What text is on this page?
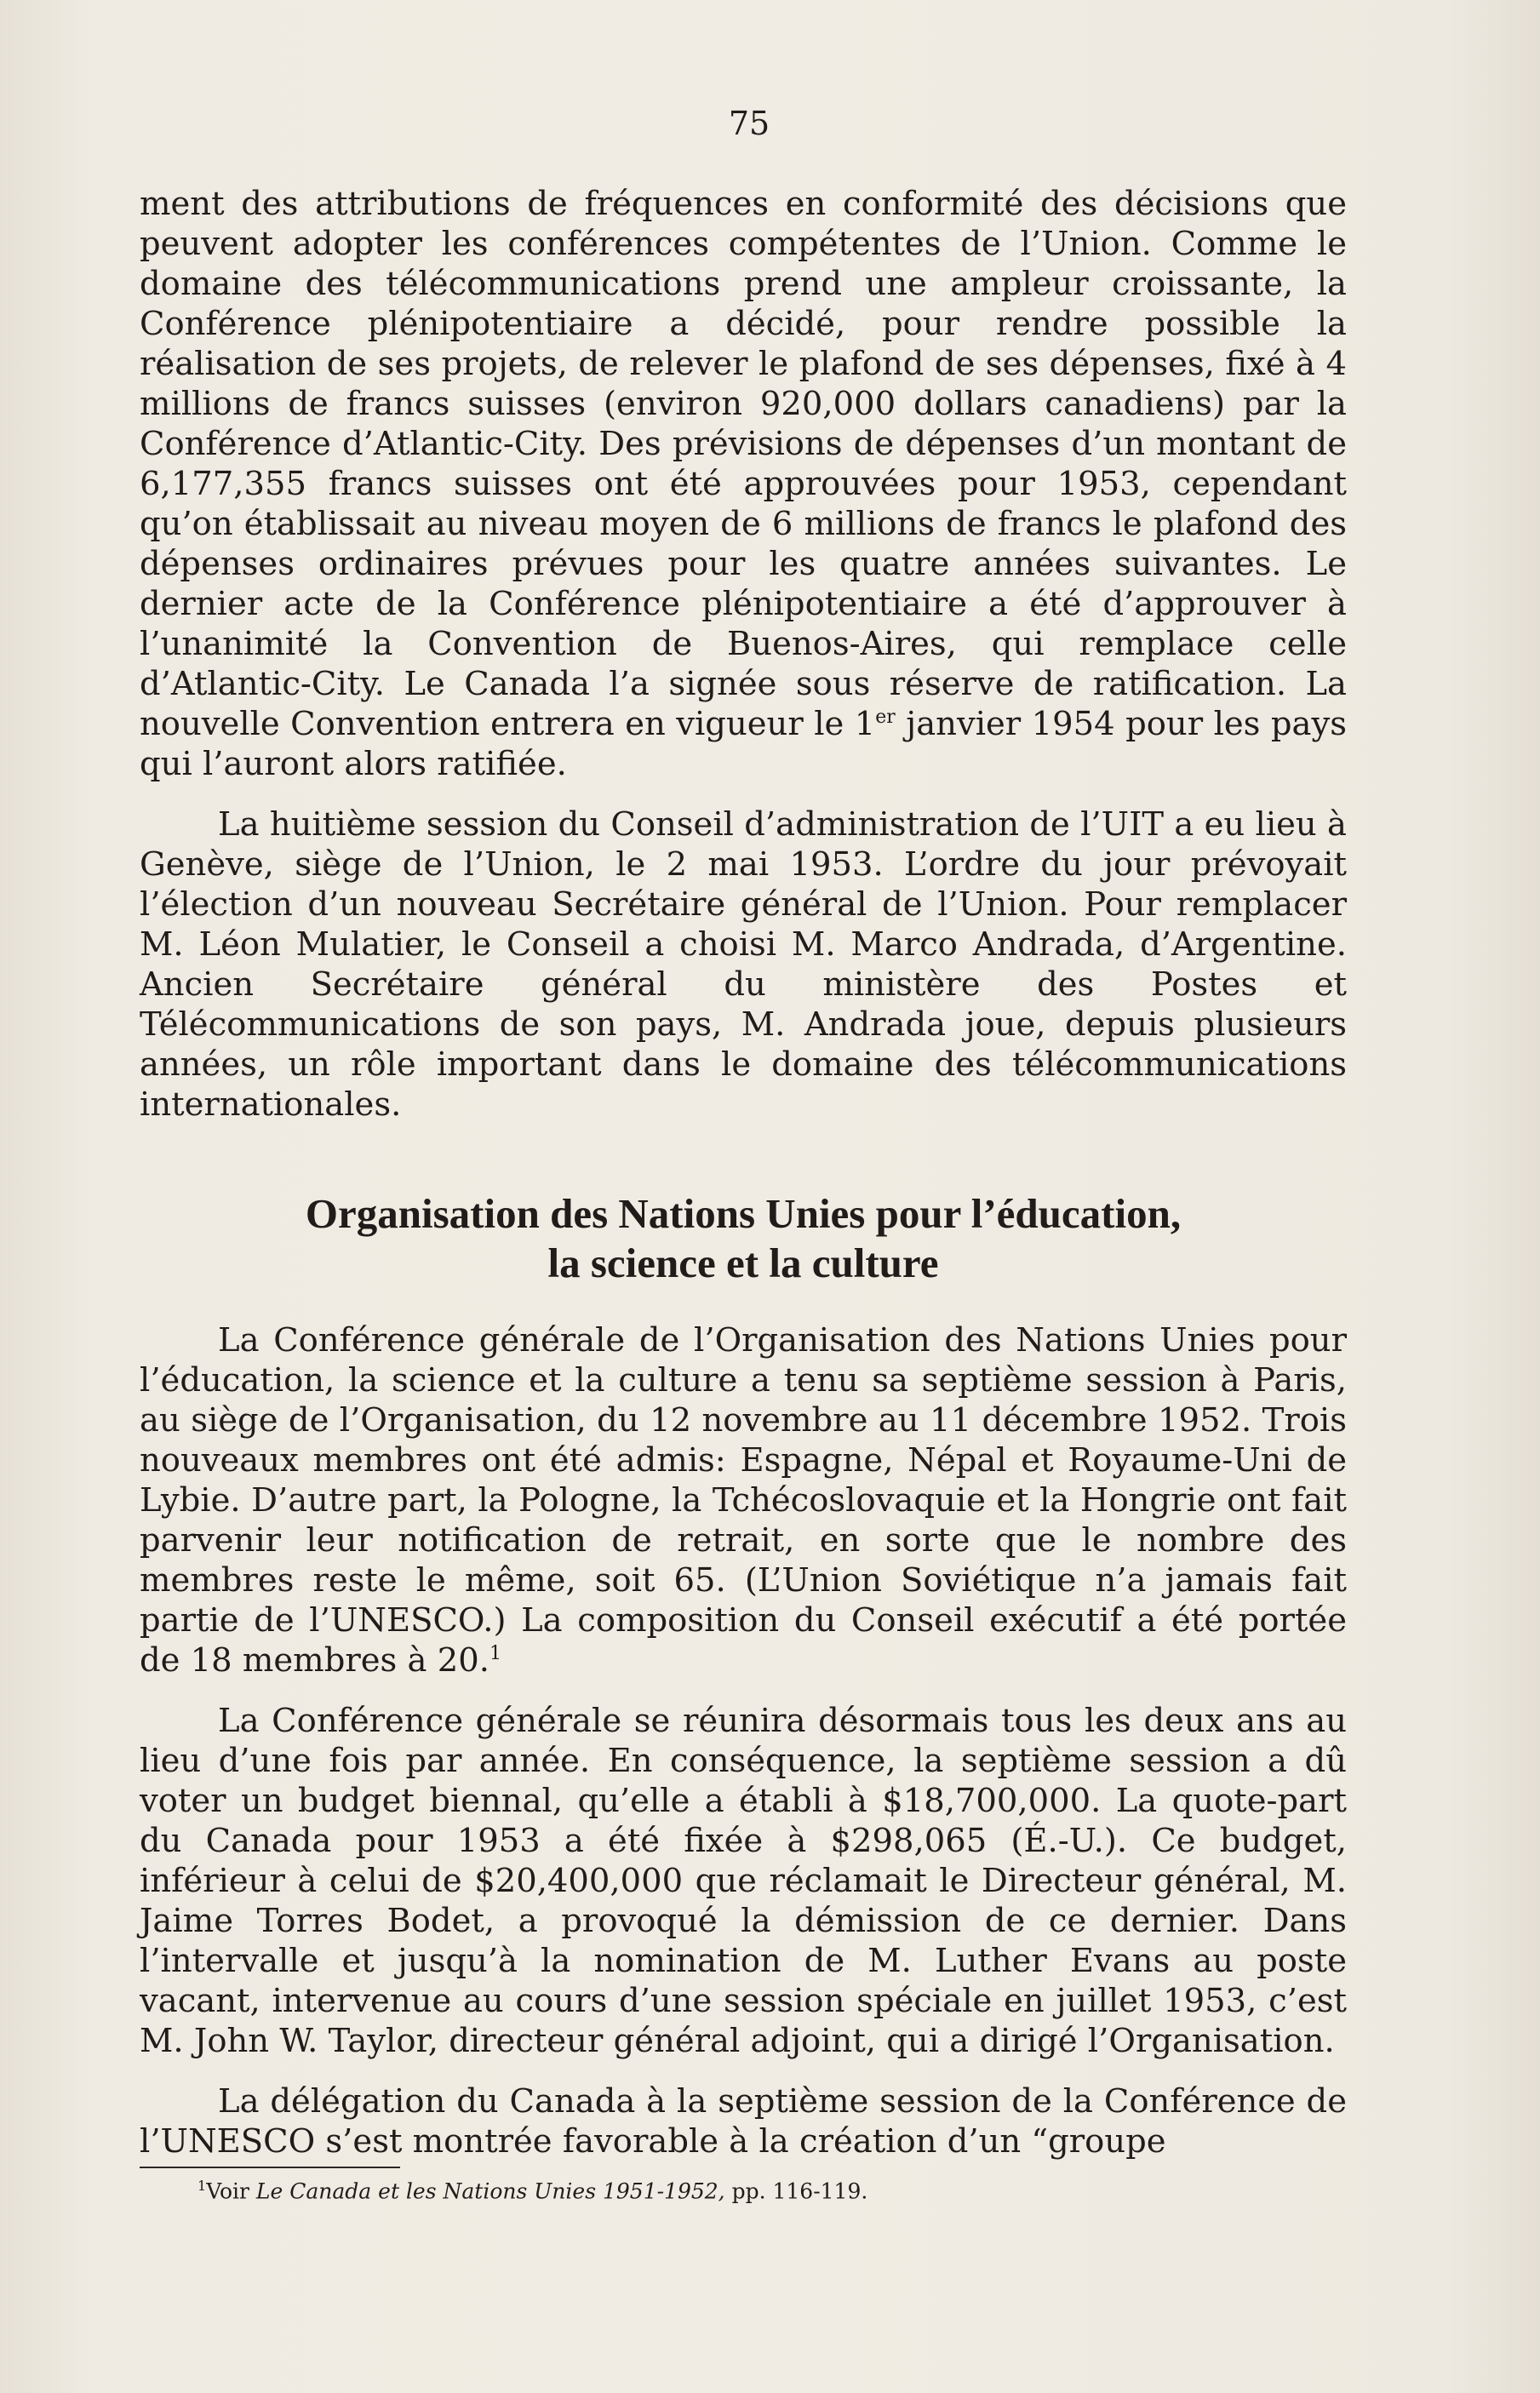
75

ment des attributions de fréquences en conformité des décisions que peuvent adopter les conférences compétentes de l’Union. Comme le domaine des télécommunications prend une ampleur croissante, la Conférence plénipotentiaire a décidé, pour rendre possible la réalisation de ses projets, de relever le plafond de ses dépenses, fixé à 4 millions de francs suisses (environ 920,000 dollars canadiens) par la Conférence d’Atlantic-City. Des prévisions de dépenses d’un montant de 6,177,355 francs suisses ont été approuvées pour 1953, cependant qu’on établissait au niveau moyen de 6 millions de francs le plafond des dépenses ordinaires prévues pour les quatre années suivantes. Le dernier acte de la Conférence plénipotentiaire a été d’approuver à l’unanimité la Convention de Buenos-Aires, qui remplace celle d’Atlantic-City. Le Canada l’a signée sous réserve de ratification. La nouvelle Convention entrera en vigueur le 1er janvier 1954 pour les pays qui l’auront alors ratifiée.

La huitième session du Conseil d’administration de l’UIT a eu lieu à Genève, siège de l’Union, le 2 mai 1953. L’ordre du jour prévoyait l’élection d’un nouveau Secrétaire général de l’Union. Pour remplacer M. Léon Mulatier, le Conseil a choisi M. Marco Andrada, d’Argentine. Ancien Secrétaire général du ministère des Postes et Télécommunications de son pays, M. Andrada joue, depuis plusieurs années, un rôle important dans le domaine des télécommunications internationales.

Organisation des Nations Unies pour l’éducation,
la science et la culture

La Conférence générale de l’Organisation des Nations Unies pour l’éducation, la science et la culture a tenu sa septième session à Paris, au siège de l’Organisation, du 12 novembre au 11 décembre 1952. Trois nouveaux membres ont été admis: Espagne, Népal et Royaume-Uni de Lybie. D’autre part, la Pologne, la Tchécoslovaquie et la Hongrie ont fait parvenir leur notification de retrait, en sorte que le nombre des membres reste le même, soit 65. (L’Union Soviétique n’a jamais fait partie de l’UNESCO.) La composition du Conseil exécutif a été portée de 18 membres à 20.$^1$

La Conférence générale se réunira désormais tous les deux ans au lieu d’une fois par année. En conséquence, la septième session a dû voter un budget biennal, qu’elle a établi à $18,700,000. La quote-part du Canada pour 1953 a été fixée à $298,065 (É.-U.). Ce budget, inférieur à celui de $20,400,000 que réclamait le Directeur général, M. Jaime Torres Bodet, a provoqué la démission de ce dernier. Dans l’intervalle et jusqu’à la nomination de M. Luther Evans au poste vacant, intervenue au cours d’une session spéciale en juillet 1953, c’est M. John W. Taylor, directeur général adjoint, qui a dirigé l’Organisation.

La délégation du Canada à la septième session de la Conférence de l’UNESCO s’est montrée favorable à la création d’un “groupe

$^1$Voir Le Canada et les Nations Unies 1951-1952, pp. 116-119.
